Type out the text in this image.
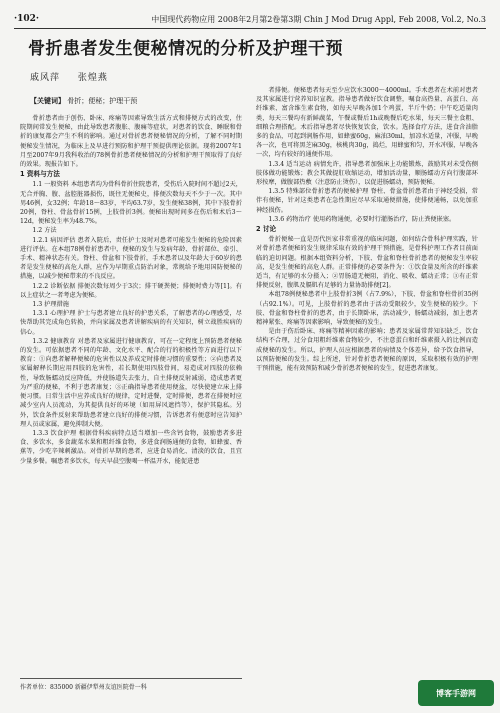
·102·	中国现代药物应用 2008年2月第2卷第3期 Chin J Mod Drug Appl, Feb 2008, Vol.2, No.3
骨折患者发生便秘情况的分析及护理干预
戚风萍 张煌燕
【关键词】 骨折；便秘；护理干预

骨折患者由于创伤、卧床、疼痛等因素导致生活方式和排便方式的改变，住院期间常发生便秘，由此导致患者腹胀、腹痛等症状，对患者的饮食、睡眠和骨折的康复都会产生不利的影响。通过对骨折患者便秘情况的分析，了解不同时期便秘发生情况，为临床上及早进行预防和护理干预提供理论依据。现将2007年1月至2007年9月我科收治的78例骨折患者便秘情况的分析和护理干预取得了良好的效果。现报告如下。

1 资料与方法

1.1 一般资料 本组患者均为骨科骨折住院患者，受伤后入院时间不超过2天，无合并胸、腹、盆腔脏器损伤，既往无便秘史，排便次数每天不少于一次。其中男46例，女32例；年龄18～83岁，平均63.7岁，发生便秘38例，其中下肢骨折20例，脊柱、骨盆骨折15例，上肢骨折3例。便秘出现时间多在伤后和术后3～12d，便秘发生率为48.7%。

1.2 方法

1.2.1 病因评估 患者入院后，责任护士及时对患者可能发生便秘的危险因素进行评估。在本组78例骨折患者中，便秘的发生与发病年龄、骨折部位、牵引、手术、精神状态有关。脊柱、骨盆和下肢骨折，手术患者以及年龄大于60岁的患者是发生便秘的高危人群，应作为早期重点防治对象，常规给予地用国防便秘的措施，以减少便秘带来的不良反应。

1.2.2 诊断依据 排便次数每周少于3次；排干硬粪便；排便时费力等[1]。有以上症状之一者考虑为便秘。

1.3 护理措施

1.3.1 心理护理 护士与患者建立良好的护患关系，了解患者的心理感受，尽快帮助其完成角色转换，并向家属及患者讲解疾病的有关知识，树立战胜疾病的信心。

1.3.2 健康教育 对患者及家属进行健康教育，可在一定程度上预防患者便秘的发生。可依据患者不同的年龄、文化水平、配合的行的积极性等方面进行以下教育：①向患者解释便秘的危害性以及养成定时排便习惯的重要性；②向患者及家属解释长期应用四肢的危害性，若长期使用四肢骨间，易造成对四肢的依赖性，导致肠蠕动反应降低，并使肠道失去张力，自主排便反射减弱，造成患者更为严重的便秘，不利于患者康复；③正确指导患者使用便盆，尽快使建立床上排便习惯。日常生活中应养成良好的规律，定时进餐，定时排便，患者在排便时应减少室内人员流动，为其提供良好的环境（如用屏风遮挡等），保护其隐私。另外，饮食条件反射来帮助患者建立良好的排便习惯，告诉患者有便意时应告知护理人员或家属，避免抑制大便。

1.3.3 饮食护理 根据骨科疾病特点适当增加一些含钙食物，鼓励患者多进食、多饮水，多食蔬菜水果和粗纤维食物，多进食润肠通便的食物，如蜂蜜、香蕉等，少吃辛辣刺激品。对骨折早期的患者，应进食易消化、清淡的饮食，且宜少量多餐。嘱患者多饮水，每天早晨空腹喝一杯温开水，能促进患

者排便。便秘患者每天至少应饮水3000～4000ml。手术患者在术前对患者及其家属进行营养知识宣教。指导患者做好饮食调整，嘱食高热量、高蛋白、高纤维素、富含维生素食物，如每天早晚各加1个鸡蛋，半斤牛奶；中午吃适量肉类，每天三餐均有新鲜蔬菜，午餐或餐后1h或晚餐后吃水果，每天三餐主食粗、细粮合理搭配。术后指导患者尽快恢复饮食，饮水。选择食疗方法，进食含油脂多的食品，可起到润肠作用，如蜂蜜60g，麻油30ml，加凉水适量，冲服，早晚各一次，也可将黑芝麻30g，核桃肉30g，捣烂，用蜂蜜和匀，开水冲服，早晚各一次，均有较好的通便作用。

1.3.4 适当运动 病情允许，指导患者加强床上功能锻炼，鼓励其对未受伤侧肢体做功能锻炼；教会其做提肛收缩运动，增加活动量，顺肠蠕动方向行腹部环形按摩，做腹部热敷（注意防止烫伤），以促进肠蠕动，预防便秘。

1.3.5 特殊部位骨折患者的便秘护理 脊柱、骨盆骨折患者由于神经受损，常伴有便秘，针对这类患者在急性期应尽早采取通便措施，使排便通畅，以免加重神经损伤。

1.3.6 药物治疗 使用药物通便，必要时行灌肠治疗，防止粪便嵌塞。

2 讨论

骨折便秘一直是历代医家非常重视的临床问题，如何结合骨科护理实践，针对骨折患者便秘的发生规律采取有效的护理干预措施，是骨科护理工作者目前面临的迫切问题。根据本组资料分析，下肢、骨盆和脊柱骨折患者的便秘发生率较高，是发生便秘的高危人群。正常排便的必要条件为：①饮食量及所含的纤维素适当，有足够的水分摄入；②胃肠道无梗阻，消化、吸收、蠕动正常；③有正常排便反射，腹肌及膈肌有足够的力量协助排便[2]。

本组78例便秘患者中上肢骨折3例（占7.9%），下肢、骨盆和脊柱骨折35例（占92.1%）。可见，上肢骨折的患者由于活动受限较少，发生便秘的较少。下肢、骨盆和脊柱骨折的患者，由于长期卧床，活动减少，肠蠕动减弱，加上患者精神紧张、疼痛等因素影响，导致便秘的发生。

是由于伤后卧床、疼痛等精神因素的影响；患者及家属常普知识缺乏，饮食结构不合理，过分食用粗纤维素食物较少，不注意蛋白和纤维素摄入的比例而造成便秘的发生。所以，护理人员应根据患者的病情及个体差异，给予饮食指导，以预防便秘的发生。综上所述，针对骨折患者便秘的原因，采取积极有效的护理干预措施，能有效预防和减少骨折患者便秘的发生，促进患者康复。

作者单位：835000 新疆伊犁州友谊医院骨一科
博客手游网
